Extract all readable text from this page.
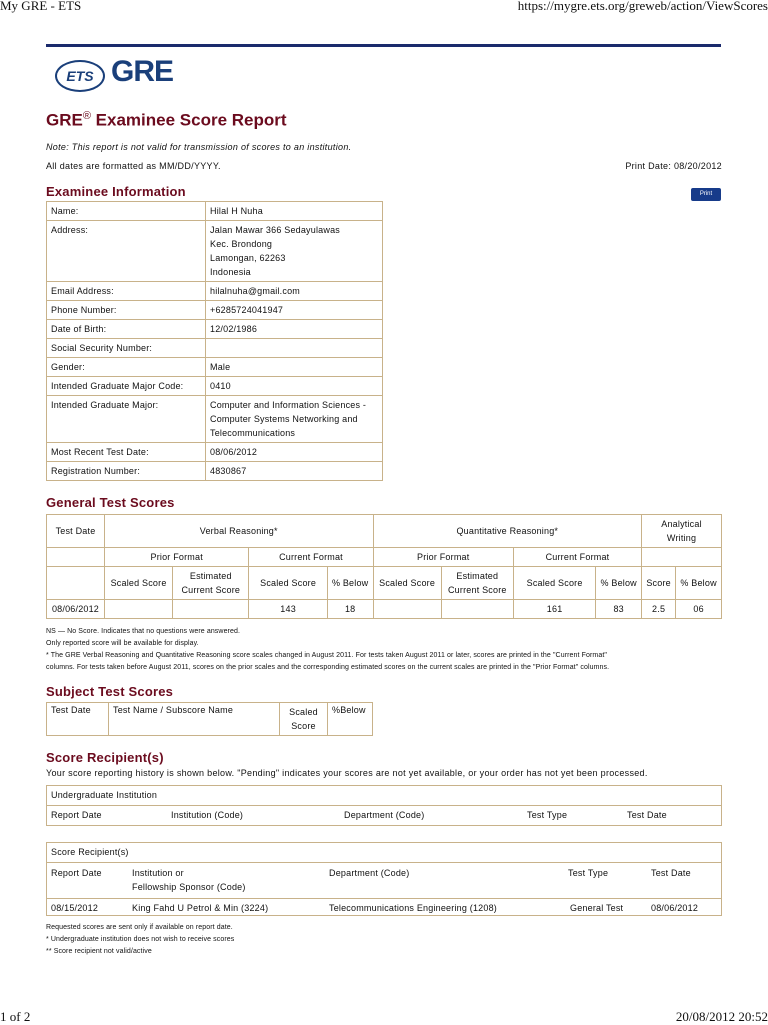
My GRE - ETS	https://mygre.ets.org/greweb/action/ViewScores
ETS GRE
GRE® Examinee Score Report
Note: This report is not valid for transmission of scores to an institution.
All dates are formatted as MM/DD/YYYY.	Print Date: 08/20/2012
Print
Examinee Information
Name:	Hilal H Nuha
Address:	Jalan Mawar 366 Sedayulawas
Kec. Brondong
Lamongan, 62263
Indonesia

Email Address:	hilalnuha@gmail.com
Phone Number:	+6285724041947
Date of Birth:	12/02/1986
Social Security Number:	
Gender:	Male
Intended Graduate Major Code:	0410
Intended Graduate Major:	Computer and Information Sciences -
Computer Systems Networking and
Telecommunications

Most Recent Test Date:	08/06/2012
Registration Number:	4830867
General Test Scores
Test Date	Verbal Reasoning*				Quantitative Reasoning*				Analytical Writing	
	Prior Format		Current Format		Prior Format		Current Format			
	Scaled Score	Estimated Current Score	Scaled Score	% Below	Scaled Score	Estimated Current Score	Scaled Score	% Below	Score	% Below
08/06/2012			143	18			161	83	2.5	06
NS — No Score. Indicates that no questions were answered.
Only reported score will be available for display.
* The GRE Verbal Reasoning and Quantitative Reasoning score scales changed in August 2011. For tests taken August 2011 or later, scores are printed in the "Current Format"
columns. For tests taken before August 2011, scores on the prior scales and the corresponding estimated scores on the current scales are printed in the "Prior Format" columns.
Subject Test Scores
Test Date	Test Name / Subscore Name	Scaled Score	%Below
Score Recipient(s)
Your score reporting history is shown below. "Pending" indicates your scores are not yet available, or your order has not yet been processed.
Undergraduate Institution
Report Date	Institution (Code)	Department (Code)	Test Type	Test Date
Score Recipient(s)
Report Date	Institution or
Fellowship Sponsor (Code)
Department (Code)	Test Type	Test Date
08/15/2012	King Fahd U Petrol & Min (3224)	Telecommunications Engineering (1208)	General Test	08/06/2012
Requested scores are sent only if available on report date.
* Undergraduate institution does not wish to receive scores
** Score recipient not valid/active
1 of 2	20/08/2012 20:52
